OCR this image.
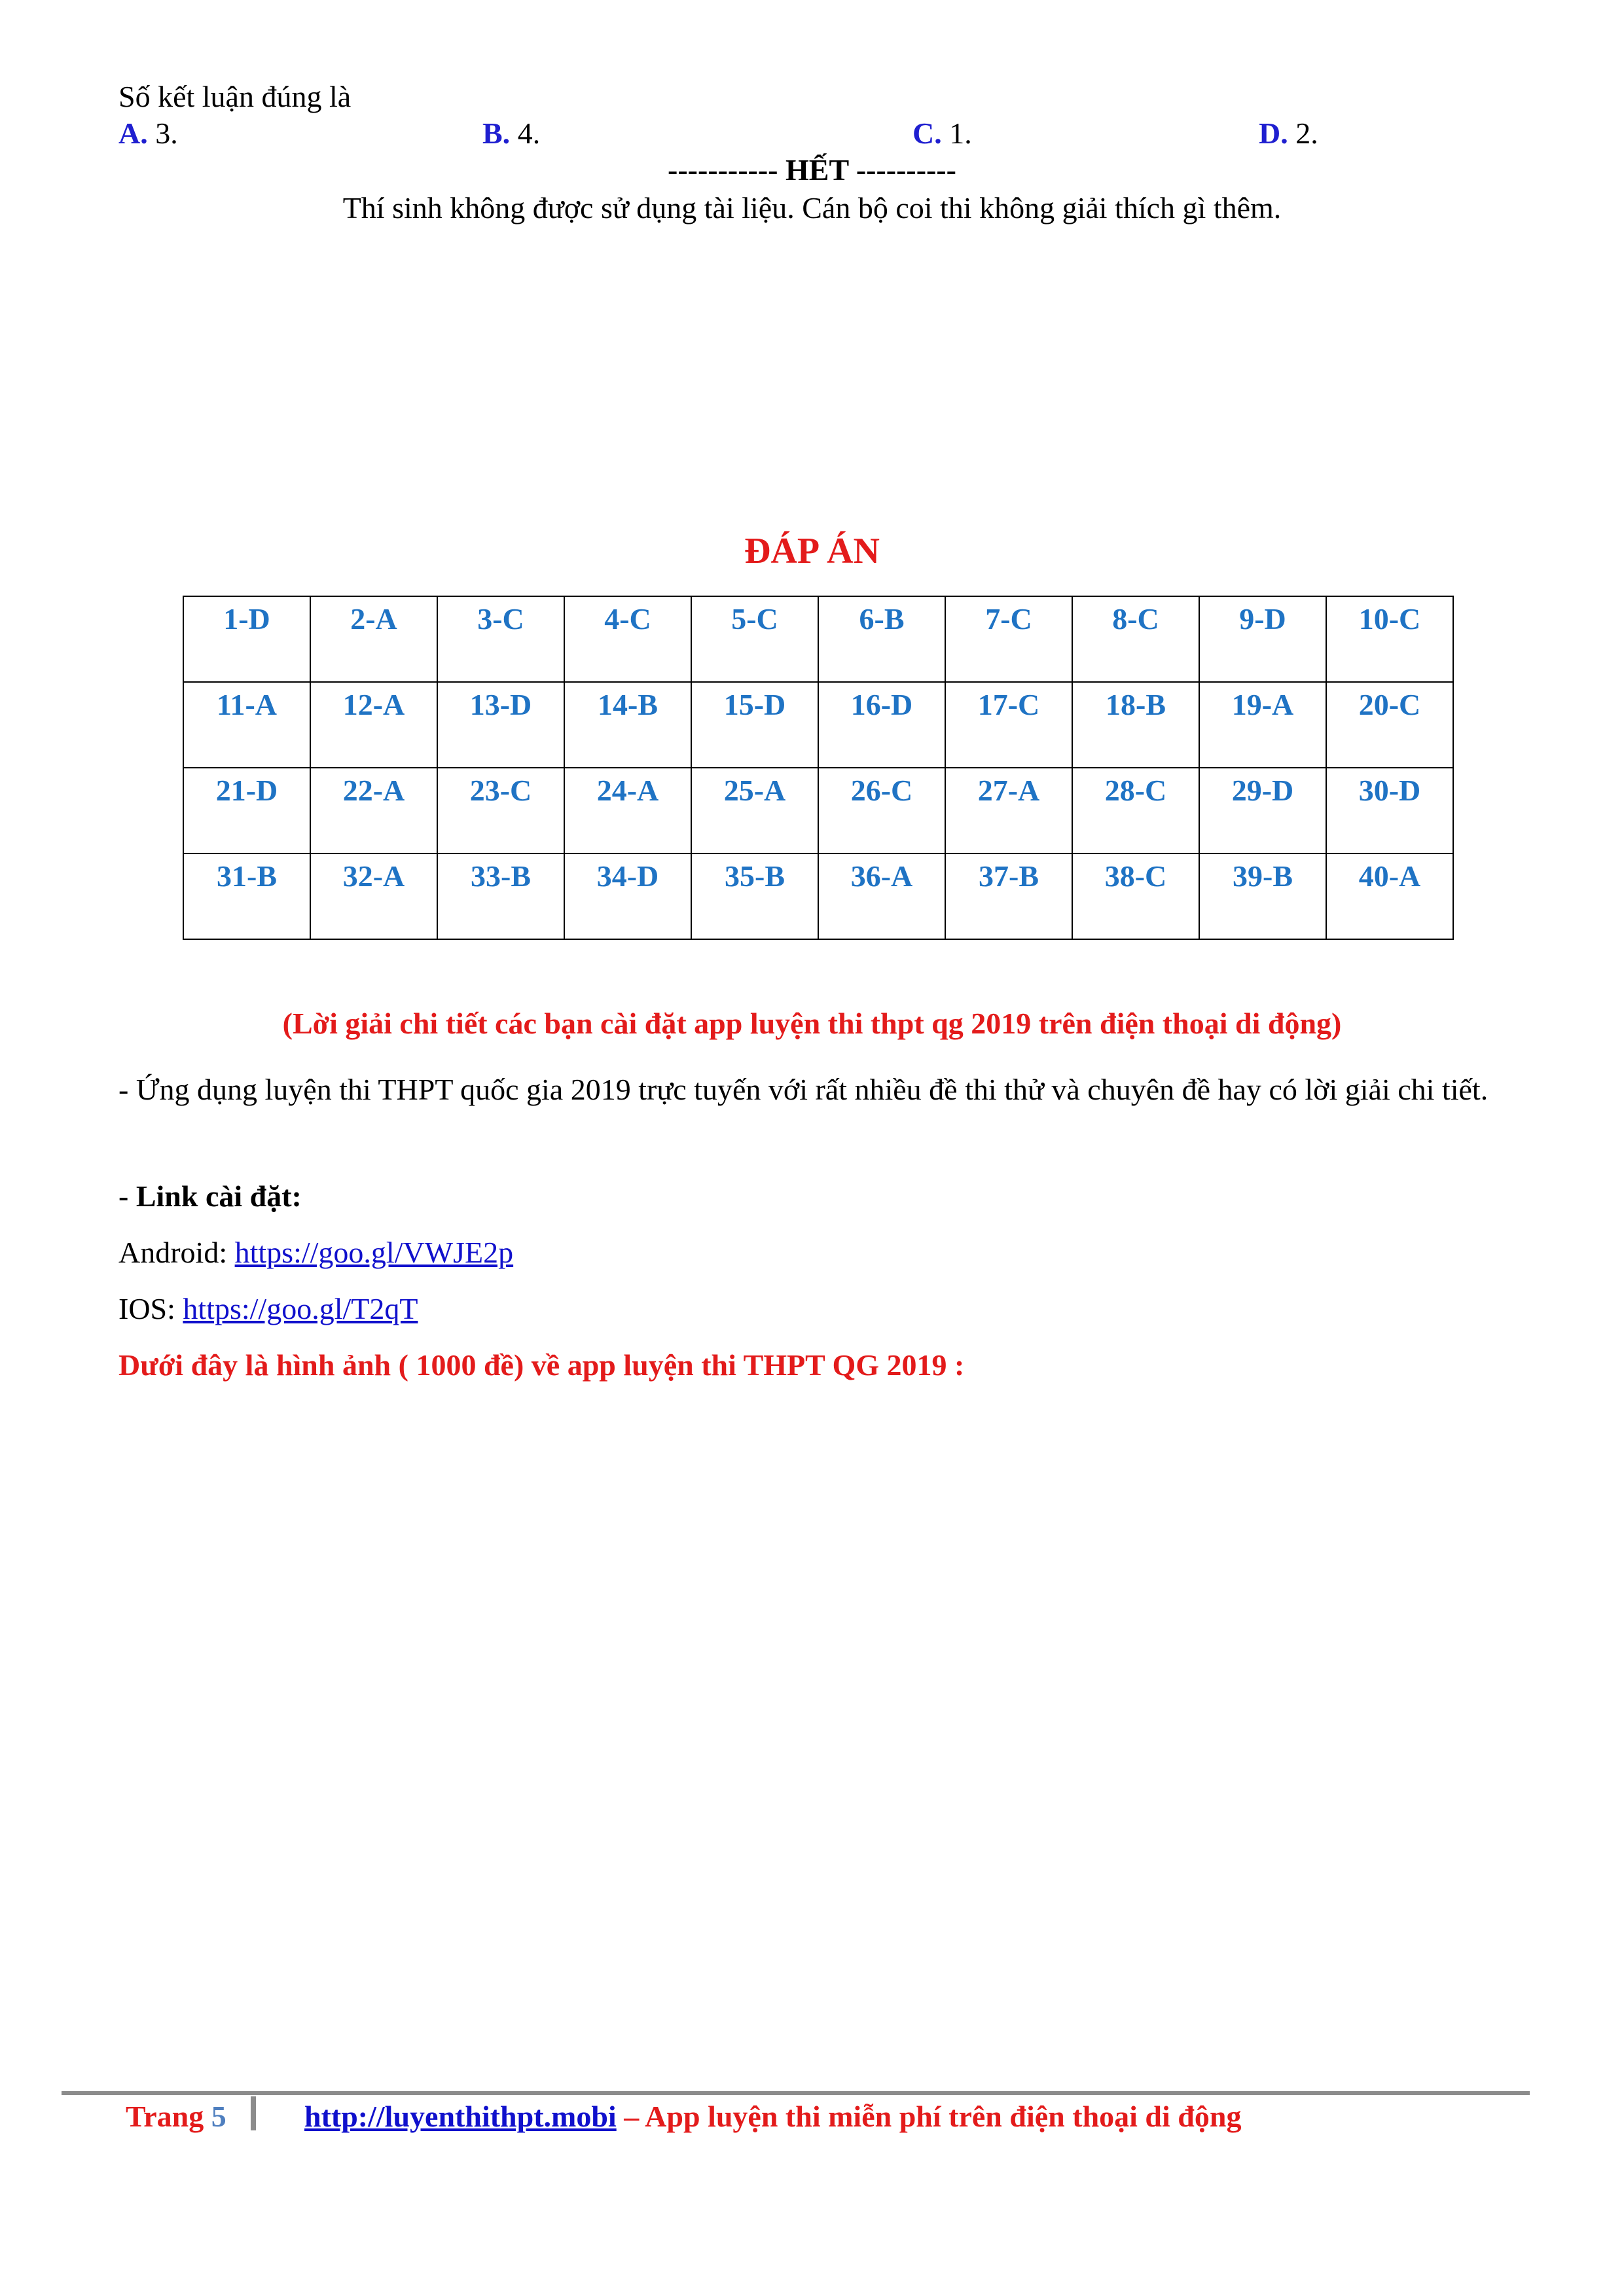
Số kết luận đúng là
A. 3.	B. 4.	C. 1.	D. 2.
----------- HẾT ----------
Thí sinh không được sử dụng tài liệu. Cán bộ coi thi không giải thích gì thêm.
ĐÁP ÁN
1-D	2-A	3-C	4-C	5-C	6-B	7-C	8-C	9-D	10-C
11-A	12-A	13-D	14-B	15-D	16-D	17-C	18-B	19-A	20-C
21-D	22-A	23-C	24-A	25-A	26-C	27-A	28-C	29-D	30-D
31-B	32-A	33-B	34-D	35-B	36-A	37-B	38-C	39-B	40-A
(Lời giải chi tiết các bạn cài đặt app luyện thi thpt qg 2019 trên điện thoại di động)
- Ứng dụng luyện thi THPT quốc gia 2019 trực tuyến với rất nhiều đề thi thử và chuyên đề hay có lời giải chi tiết.
- Link cài đặt:
Android: https://goo.gl/VWJE2p
IOS: https://goo.gl/T2qT
Dưới đây là hình ảnh ( 1000 đề) về app luyện thi THPT QG 2019 :
Trang 5	http://luyenthithpt.mobi – App luyện thi miễn phí trên điện thoại di động
